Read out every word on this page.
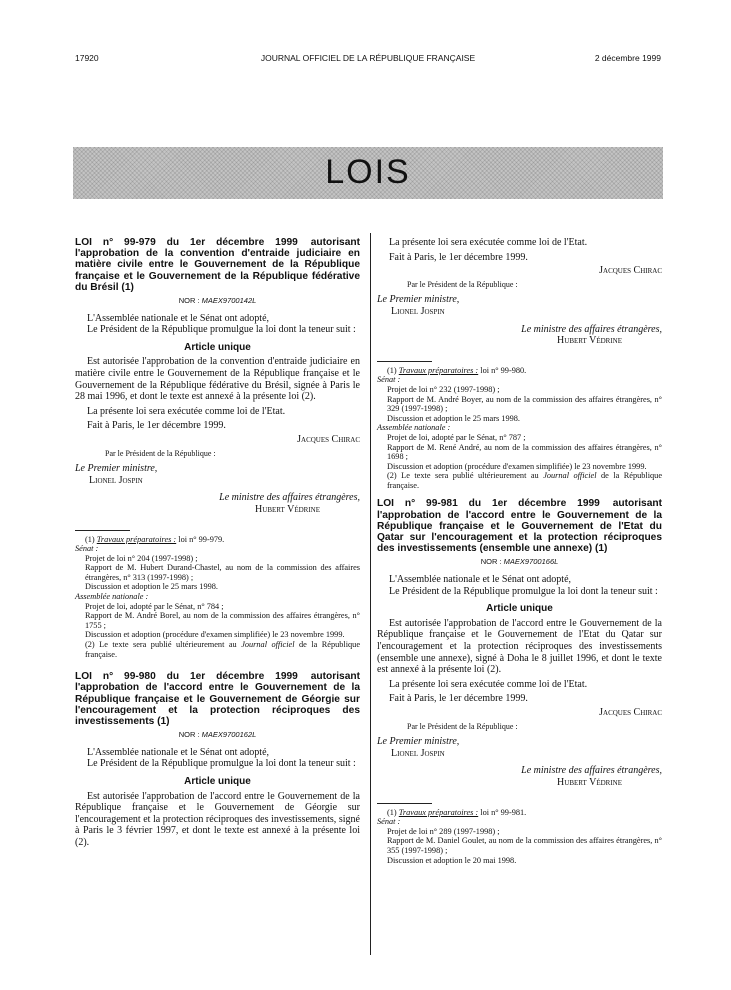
17920	JOURNAL OFFICIEL DE LA RÉPUBLIQUE FRANÇAISE	2 décembre 1999
LOIS

LOI n° 99-979 du 1er décembre 1999 autorisant l'approbation de la convention d'entraide judiciaire en matière civile entre le Gouvernement de la République française et le Gouvernement de la République fédérative du Brésil (1)

NOR : MAEX9700142L

L'Assemblée nationale et le Sénat ont adopté,

Le Président de la République promulgue la loi dont la teneur suit :

Article unique

Est autorisée l'approbation de la convention d'entraide judiciaire en matière civile entre le Gouvernement de la République française et le Gouvernement de la République fédérative du Brésil, signée à Paris le 28 mai 1996, et dont le texte est annexé à la présente loi (2).

La présente loi sera exécutée comme loi de l'Etat.

Fait à Paris, le 1er décembre 1999.

Jacques Chirac

Par le Président de la République :

Le Premier ministre,

Lionel Jospin

Le ministre des affaires étrangères,

Hubert Védrine

(1) Travaux préparatoires : loi n° 99-979.

Sénat :

Projet de loi n° 204 (1997-1998) ;

Rapport de M. Hubert Durand-Chastel, au nom de la commission des affaires étrangères, n° 313 (1997-1998) ;

Discussion et adoption le 25 mars 1998.

Assemblée nationale :

Projet de loi, adopté par le Sénat, n° 784 ;

Rapport de M. André Borel, au nom de la commission des affaires étrangères, n° 1755 ;

Discussion et adoption (procédure d'examen simplifiée) le 23 novembre 1999.

(2) Le texte sera publié ultérieurement au Journal officiel de la République française.

LOI n° 99-980 du 1er décembre 1999 autorisant l'approbation de l'accord entre le Gouvernement de la République française et le Gouvernement de Géorgie sur l'encouragement et la protection réciproques des investissements (1)

NOR : MAEX9700162L

L'Assemblée nationale et le Sénat ont adopté,

Le Président de la République promulgue la loi dont la teneur suit :

Article unique

Est autorisée l'approbation de l'accord entre le Gouvernement de la République française et le Gouvernement de Géorgie sur l'encouragement et la protection réciproques des investissements, signé à Paris le 3 février 1997, et dont le texte est annexé à la présente loi (2).

La présente loi sera exécutée comme loi de l'Etat.

Fait à Paris, le 1er décembre 1999.

Jacques Chirac

Par le Président de la République :

Le Premier ministre,

Lionel Jospin

Le ministre des affaires étrangères,

Hubert Védrine

(1) Travaux préparatoires : loi n° 99-980.

Sénat :

Projet de loi n° 232 (1997-1998) ;

Rapport de M. André Boyer, au nom de la commission des affaires étrangères, n° 329 (1997-1998) ;

Discussion et adoption le 25 mars 1998.

Assemblée nationale :

Projet de loi, adopté par le Sénat, n° 787 ;

Rapport de M. René André, au nom de la commission des affaires étrangères, n° 1698 ;

Discussion et adoption (procédure d'examen simplifiée) le 23 novembre 1999.

(2) Le texte sera publié ultérieurement au Journal officiel de la République française.

LOI n° 99-981 du 1er décembre 1999 autorisant l'approbation de l'accord entre le Gouvernement de la République française et le Gouvernement de l'Etat du Qatar sur l'encouragement et la protection réciproques des investissements (ensemble une annexe) (1)

NOR : MAEX9700166L

L'Assemblée nationale et le Sénat ont adopté,

Le Président de la République promulgue la loi dont la teneur suit :

Article unique

Est autorisée l'approbation de l'accord entre le Gouvernement de la République française et le Gouvernement de l'Etat du Qatar sur l'encouragement et la protection réciproques des investissements (ensemble une annexe), signé à Doha le 8 juillet 1996, et dont le texte est annexé à la présente loi (2).

La présente loi sera exécutée comme loi de l'Etat.

Fait à Paris, le 1er décembre 1999.

Jacques Chirac

Par le Président de la République :

Le Premier ministre,

Lionel Jospin

Le ministre des affaires étrangères,

Hubert Védrine

(1) Travaux préparatoires : loi n° 99-981.

Sénat :

Projet de loi n° 289 (1997-1998) ;

Rapport de M. Daniel Goulet, au nom de la commission des affaires étrangères, n° 355 (1997-1998) ;

Discussion et adoption le 20 mai 1998.
